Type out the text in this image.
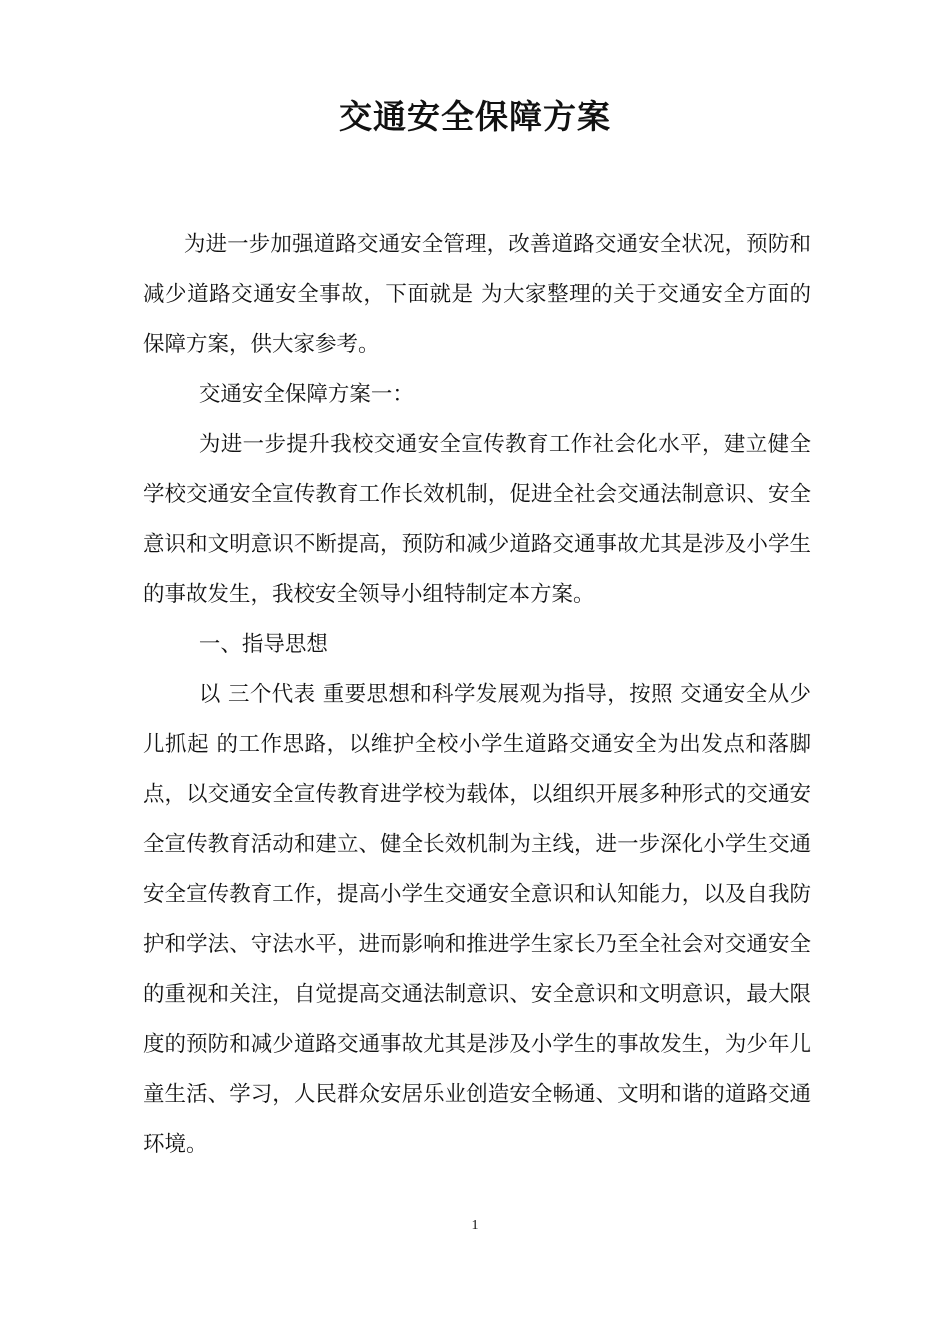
交通安全保障方案

为进一步加强道路交通安全管理，改善道路交通安全状况，预防和减少道路交通安全事故，下面就是 为大家整理的关于交通安全方面的保障方案，供大家参考。

交通安全保障方案一：

为进一步提升我校交通安全宣传教育工作社会化水平，建立健全学校交通安全宣传教育工作长效机制，促进全社会交通法制意识、安全意识和文明意识不断提高，预防和减少道路交通事故尤其是涉及小学生的事故发生，我校安全领导小组特制定本方案。

一、指导思想

以 三个代表 重要思想和科学发展观为指导，按照 交通安全从少儿抓起 的工作思路，以维护全校小学生道路交通安全为出发点和落脚点，以交通安全宣传教育进学校为载体，以组织开展多种形式的交通安全宣传教育活动和建立、健全长效机制为主线，进一步深化小学生交通安全宣传教育工作，提高小学生交通安全意识和认知能力，以及自我防护和学法、守法水平，进而影响和推进学生家长乃至全社会对交通安全的重视和关注，自觉提高交通法制意识、安全意识和文明意识，最大限度的预防和减少道路交通事故尤其是涉及小学生的事故发生，为少年儿童生活、学习，人民群众安居乐业创造安全畅通、文明和谐的道路交通环境。

1
